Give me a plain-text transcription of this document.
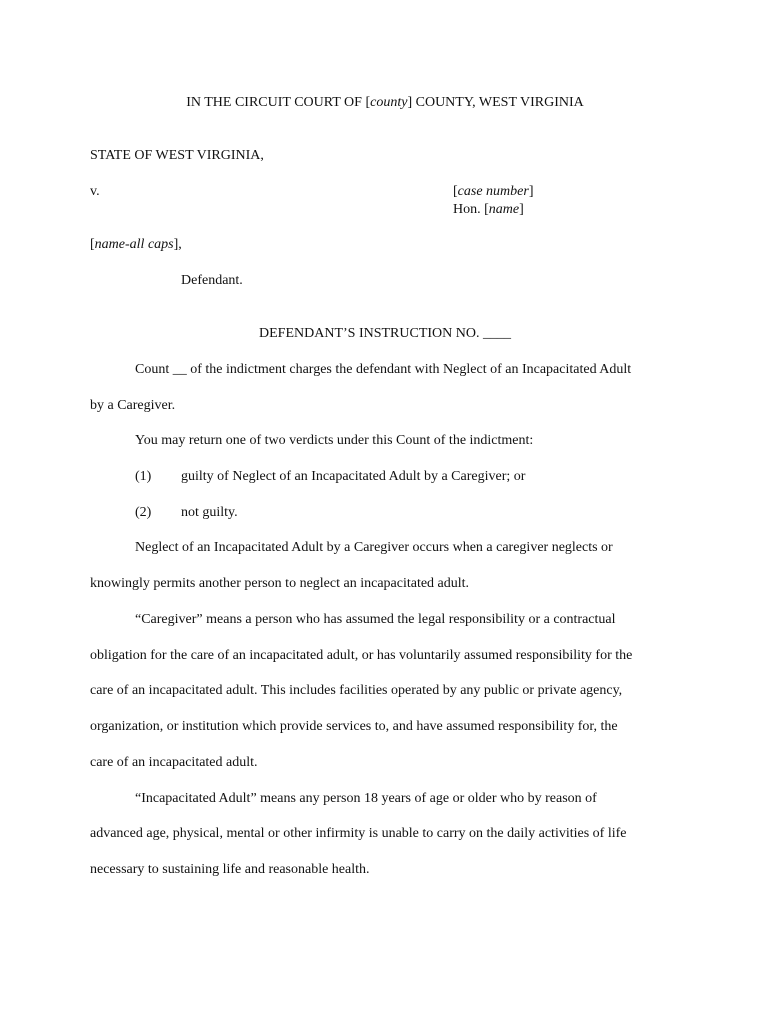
IN THE CIRCUIT COURT OF [county] COUNTY, WEST VIRGINIA
STATE OF WEST VIRGINIA,
v.	[case number]
Hon. [name]
[name-all caps],
Defendant.
DEFENDANT’S INSTRUCTION NO. ____
Count __ of the indictment charges the defendant with Neglect of an Incapacitated Adult
by a Caregiver.
You may return one of two verdicts under this Count of the indictment:
(1) guilty of Neglect of an Incapacitated Adult by a Caregiver; or
(2) not guilty.
Neglect of an Incapacitated Adult by a Caregiver occurs when a caregiver neglects or
knowingly permits another person to neglect an incapacitated adult.
“Caregiver” means a person who has assumed the legal responsibility or a contractual
obligation for the care of an incapacitated adult, or has voluntarily assumed responsibility for the
care of an incapacitated adult. This includes facilities operated by any public or private agency,
organization, or institution which provide services to, and have assumed responsibility for, the
care of an incapacitated adult.
“Incapacitated Adult” means any person 18 years of age or older who by reason of
advanced age, physical, mental or other infirmity is unable to carry on the daily activities of life
necessary to sustaining life and reasonable health.
